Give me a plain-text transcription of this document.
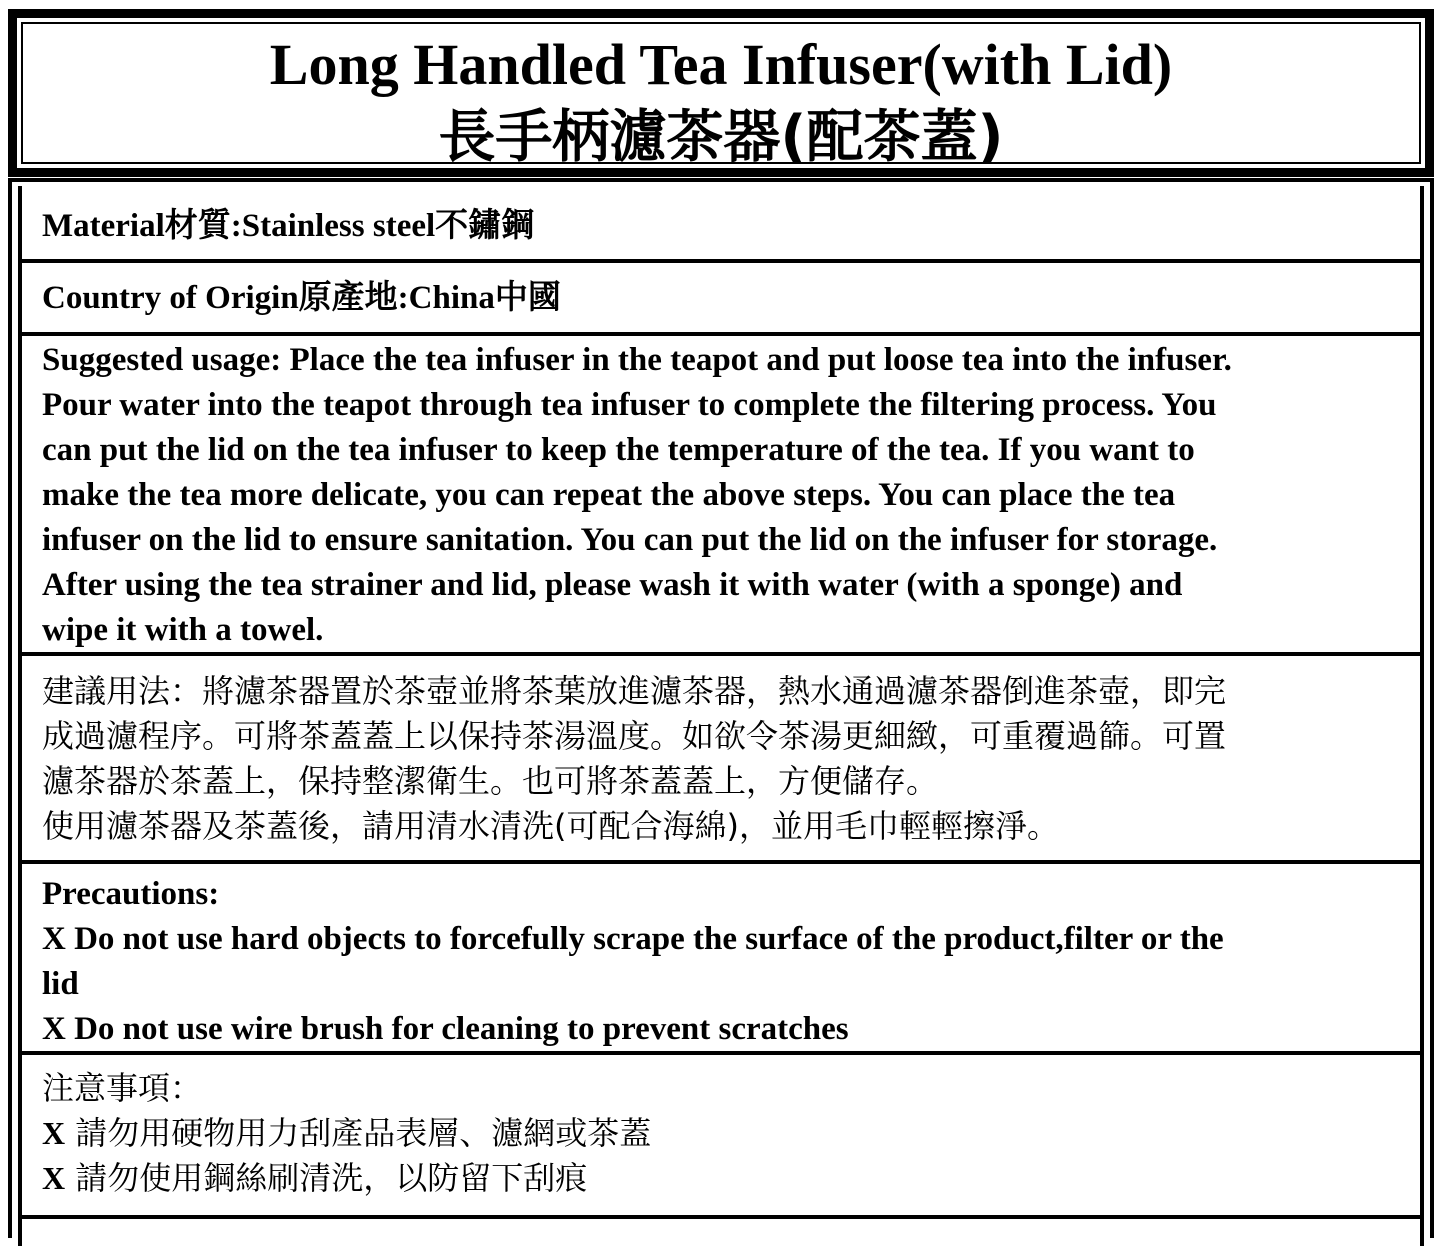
Long Handled Tea Infuser(with Lid)
長手柄濾茶器(配茶蓋)
Material材質:Stainless steel不鏽鋼
Country of Origin原產地:China中國
Suggested usage: Place the tea infuser in the teapot and put loose tea into the infuser.
Pour water into the teapot through tea infuser to complete the filtering process. You
can put the lid on the tea infuser to keep the temperature of the tea. If you want to
make the tea more delicate, you can repeat the above steps. You can place the tea
infuser on the lid to ensure sanitation. You can put the lid on the infuser for storage.
After using the tea strainer and lid, please wash it with water (with a sponge) and
wipe it with a towel.
建議用法：將濾茶器置於茶壺並將茶葉放進濾茶器，熱水通過濾茶器倒進茶壺，即完
成過濾程序。可將茶蓋蓋上以保持茶湯溫度。如欲令茶湯更細緻，可重覆過篩。可置
濾茶器於茶蓋上，保持整潔衛生。也可將茶蓋蓋上，方便儲存。
使用濾茶器及茶蓋後，請用清水清洗(可配合海綿)，並用毛巾輕輕擦淨。
Precautions:
X Do not use hard objects to forcefully scrape the surface of the product,filter or the
lid
X Do not use wire brush for cleaning to prevent scratches
注意事項：
X 請勿用硬物用力刮產品表層、濾網或茶蓋
X 請勿使用鋼絲刷清洗，以防留下刮痕
